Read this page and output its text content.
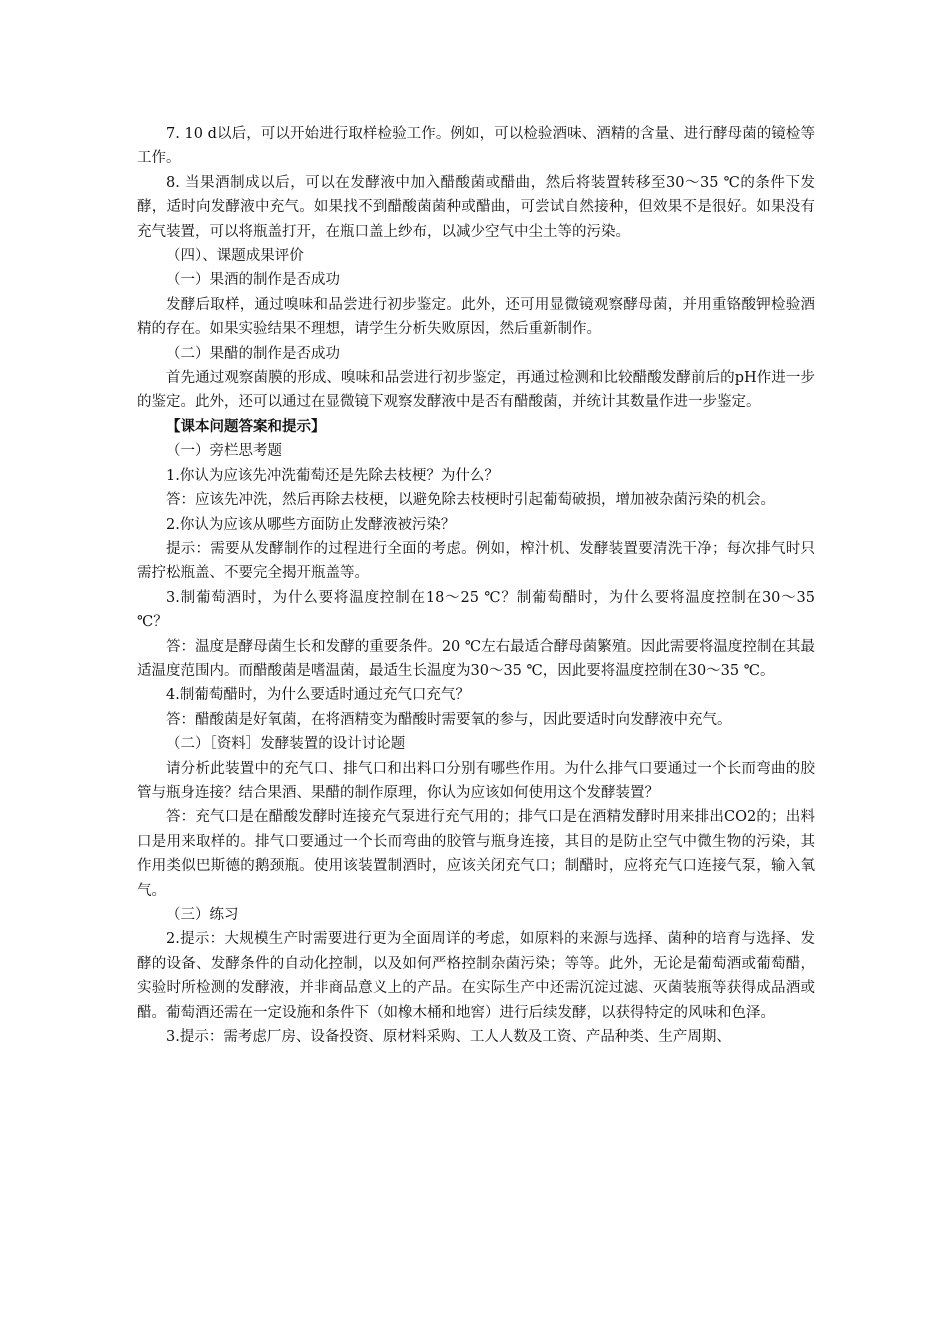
7. 10 d以后，可以开始进行取样检验工作。例如，可以检验酒味、酒精的含量、进行酵母菌的镜检等工作。

8. 当果酒制成以后，可以在发酵液中加入醋酸菌或醋曲，然后将装置转移至30～35 ℃的条件下发酵，适时向发酵液中充气。如果找不到醋酸菌菌种或醋曲，可尝试自然接种，但效果不是很好。如果没有充气装置，可以将瓶盖打开，在瓶口盖上纱布，以减少空气中尘土等的污染。

（四）、课题成果评价

（一）果酒的制作是否成功

发酵后取样，通过嗅味和品尝进行初步鉴定。此外，还可用显微镜观察酵母菌，并用重铬酸钾检验酒精的存在。如果实验结果不理想，请学生分析失败原因，然后重新制作。

（二）果醋的制作是否成功

首先通过观察菌膜的形成、嗅味和品尝进行初步鉴定，再通过检测和比较醋酸发酵前后的pH作进一步的鉴定。此外，还可以通过在显微镜下观察发酵液中是否有醋酸菌，并统计其数量作进一步鉴定。

【课本问题答案和提示】

（一）旁栏思考题

1.你认为应该先冲洗葡萄还是先除去枝梗？为什么？

答：应该先冲洗，然后再除去枝梗，以避免除去枝梗时引起葡萄破损，增加被杂菌污染的机会。

2.你认为应该从哪些方面防止发酵液被污染？

提示：需要从发酵制作的过程进行全面的考虑。例如，榨汁机、发酵装置要清洗干净；每次排气时只需拧松瓶盖、不要完全揭开瓶盖等。

3.制葡萄酒时，为什么要将温度控制在18～25 ℃？制葡萄醋时，为什么要将温度控制在30～35 ℃？

答：温度是酵母菌生长和发酵的重要条件。20 ℃左右最适合酵母菌繁殖。因此需要将温度控制在其最适温度范围内。而醋酸菌是嗜温菌，最适生长温度为30～35 ℃，因此要将温度控制在30～35 ℃。

4.制葡萄醋时，为什么要适时通过充气口充气？

答：醋酸菌是好氧菌，在将酒精变为醋酸时需要氧的参与，因此要适时向发酵液中充气。

（二）［资料］发酵装置的设计讨论题

请分析此装置中的充气口、排气口和出料口分别有哪些作用。为什么排气口要通过一个长而弯曲的胶管与瓶身连接？结合果酒、果醋的制作原理，你认为应该如何使用这个发酵装置？

答：充气口是在醋酸发酵时连接充气泵进行充气用的；排气口是在酒精发酵时用来排出CO2的；出料口是用来取样的。排气口要通过一个长而弯曲的胶管与瓶身连接，其目的是防止空气中微生物的污染，其作用类似巴斯德的鹅颈瓶。使用该装置制酒时，应该关闭充气口；制醋时，应将充气口连接气泵，输入氧气。

（三）练习

2.提示：大规模生产时需要进行更为全面周详的考虑，如原料的来源与选择、菌种的培育与选择、发酵的设备、发酵条件的自动化控制，以及如何严格控制杂菌污染；等等。此外，无论是葡萄酒或葡萄醋，实验时所检测的发酵液，并非商品意义上的产品。在实际生产中还需沉淀过滤、灭菌装瓶等获得成品酒或醋。葡萄酒还需在一定设施和条件下（如橡木桶和地窖）进行后续发酵，以获得特定的风味和色泽。

3.提示：需考虑厂房、设备投资、原材料采购、工人人数及工资、产品种类、生产周期、
